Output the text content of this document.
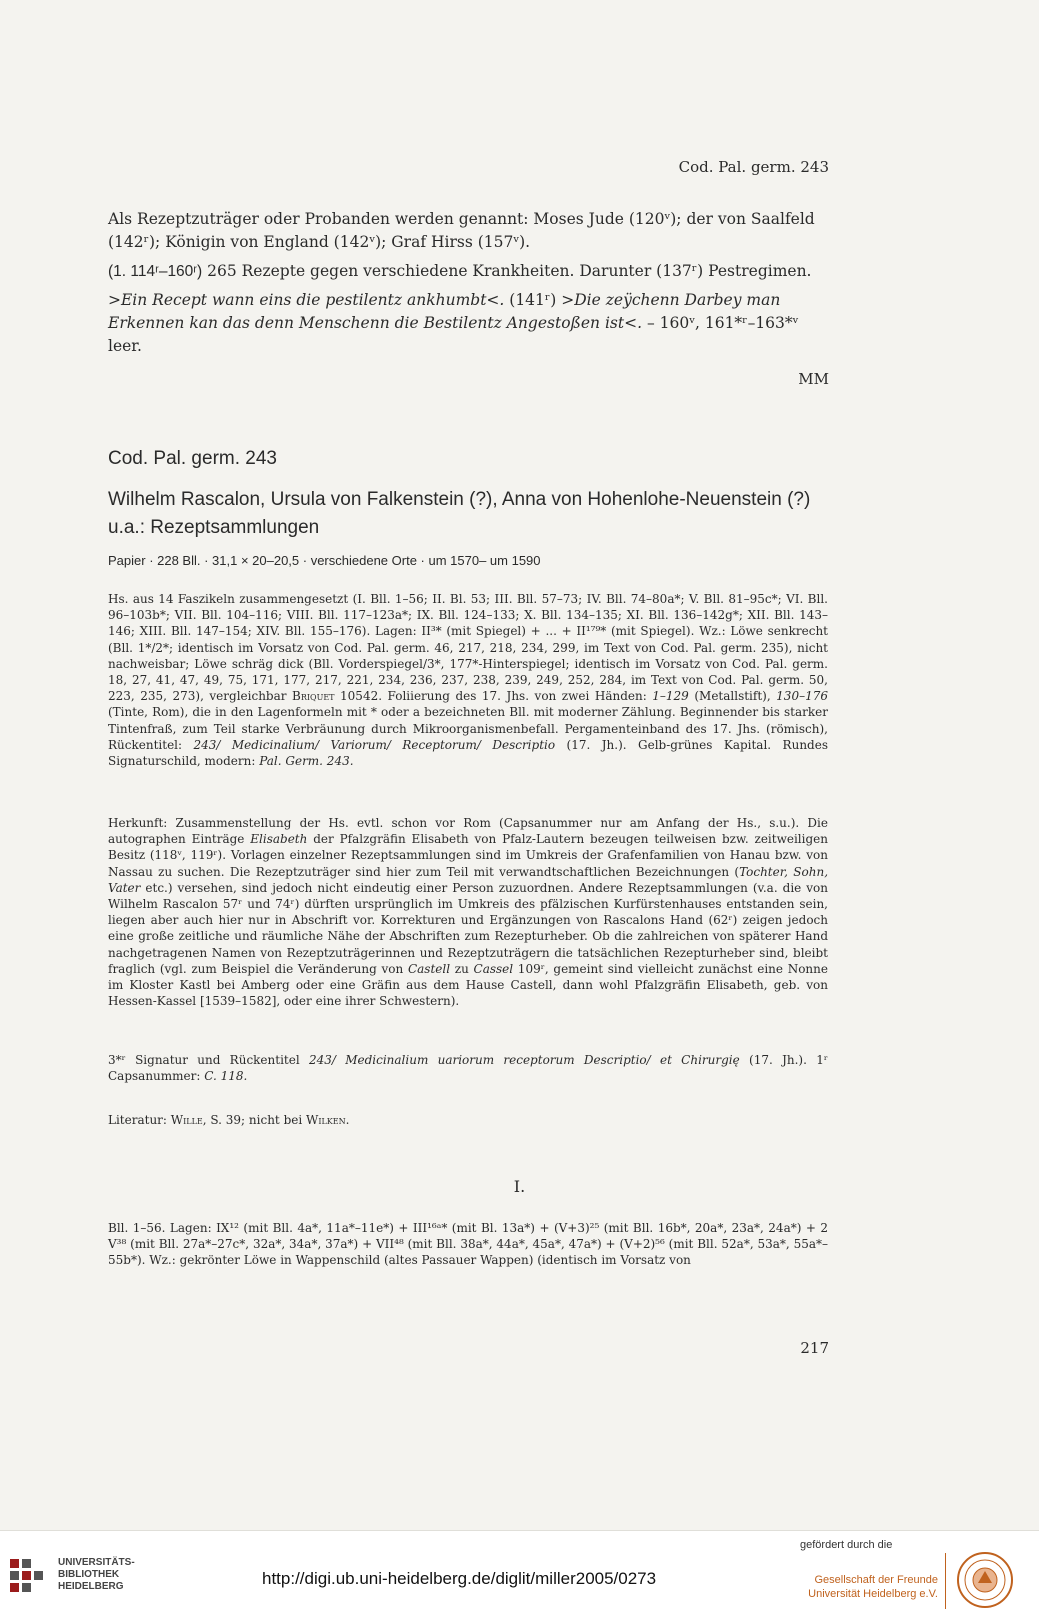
Cod. Pal. germ. 243

Als Rezeptzuträger oder Probanden werden genannt: Moses Jude (120ᵛ); der von Saalfeld (142ʳ); Königin von England (142ᵛ); Graf Hirss (157ᵛ).

(1. 114ʳ–160ʳ) 265 Rezepte gegen verschiedene Krankheiten. Darunter (137ʳ) Pestregimen.

>Ein Recept wann eins die pestilentz ankhumbt<. (141ʳ) >Die zeÿchenn Darbey man Erkennen kan das denn Menschenn die Bestilentz Angestoßen ist<. – 160ᵛ, 161*ʳ–163*ᵛ leer.

MM
Cod. Pal. germ. 243
Wilhelm Rascalon, Ursula von Falkenstein (?), Anna von Hohenlohe-Neuenstein (?) u.a.: Rezeptsammlungen
Papier · 228 Bll. · 31,1 × 20–20,5 · verschiedene Orte · um 1570– um 1590
Hs. aus 14 Faszikeln zusammengesetzt (I. Bll. 1–56; II. Bl. 53; III. Bll. 57–73; IV. Bll. 74–80a*; V. Bll. 81–95c*; VI. Bll. 96–103b*; VII. Bll. 104–116; VIII. Bll. 117–123a*; IX. Bll. 124–133; X. Bll. 134–135; XI. Bll. 136–142g*; XII. Bll. 143–146; XIII. Bll. 147–154; XIV. Bll. 155–176). Lagen: II³* (mit Spiegel) + ... + II¹⁷⁹* (mit Spiegel). Wz.: Löwe senkrecht (Bll. 1*/2*; identisch im Vorsatz von Cod. Pal. germ. 46, 217, 218, 234, 299, im Text von Cod. Pal. germ. 235), nicht nachweisbar; Löwe schräg dick (Bll. Vorderspiegel/3*, 177*-Hinterspiegel; identisch im Vorsatz von Cod. Pal. germ. 18, 27, 41, 47, 49, 75, 171, 177, 217, 221, 234, 236, 237, 238, 239, 249, 252, 284, im Text von Cod. Pal. germ. 50, 223, 235, 273), vergleichbar Briquet 10542. Foliierung des 17. Jhs. von zwei Händen: 1–129 (Metallstift), 130–176 (Tinte, Rom), die in den Lagenformeln mit * oder a bezeichneten Bll. mit moderner Zählung. Beginnender bis starker Tintenfraß, zum Teil starke Verbräunung durch Mikroorganismenbefall. Pergamenteinband des 17. Jhs. (römisch), Rückentitel: 243/ Medicinalium/ Variorum/ Receptorum/ Descriptio (17. Jh.). Gelb-grünes Kapital. Rundes Signaturschild, modern: Pal. Germ. 243.
Herkunft: Zusammenstellung der Hs. evtl. schon vor Rom (Capsanummer nur am Anfang der Hs., s.u.). Die autographen Einträge Elisabeth der Pfalzgräfin Elisabeth von Pfalz-Lautern bezeugen teilweisen bzw. zeitweiligen Besitz (118ᵛ, 119ʳ). Vorlagen einzelner Rezeptsammlungen sind im Umkreis der Grafenfamilien von Hanau bzw. von Nassau zu suchen. Die Rezeptzuträger sind hier zum Teil mit verwandtschaftlichen Bezeichnungen (Tochter, Sohn, Vater etc.) versehen, sind jedoch nicht eindeutig einer Person zuzuordnen. Andere Rezeptsammlungen (v.a. die von Wilhelm Rascalon 57ʳ und 74ʳ) dürften ursprünglich im Umkreis des pfälzischen Kurfürstenhauses entstanden sein, liegen aber auch hier nur in Abschrift vor. Korrekturen und Ergänzungen von Rascalons Hand (62ʳ) zeigen jedoch eine große zeitliche und räumliche Nähe der Abschriften zum Rezepturheber. Ob die zahlreichen von späterer Hand nachgetragenen Namen von Rezeptzuträgerinnen und Rezeptzuträgern die tatsächlichen Rezepturheber sind, bleibt fraglich (vgl. zum Beispiel die Veränderung von Castell zu Cassel 109ʳ, gemeint sind vielleicht zunächst eine Nonne im Kloster Kastl bei Amberg oder eine Gräfin aus dem Hause Castell, dann wohl Pfalzgräfin Elisabeth, geb. von Hessen-Kassel [1539–1582], oder eine ihrer Schwestern).
3*ʳ Signatur und Rückentitel 243/ Medicinalium uariorum receptorum Descriptio/ et Chirurgię (17. Jh.). 1ʳ Capsanummer: C. 118.
Literatur: Wille, S. 39; nicht bei Wilken.
I.
Bll. 1–56. Lagen: IX¹² (mit Bll. 4a*, 11a*–11e*) + III¹⁶ᵃ* (mit Bl. 13a*) + (V+3)²⁵ (mit Bll. 16b*, 20a*, 23a*, 24a*) + 2 V³⁸ (mit Bll. 27a*–27c*, 32a*, 34a*, 37a*) + VII⁴⁸ (mit Bll. 38a*, 44a*, 45a*, 47a*) + (V+2)⁵⁶ (mit Bll. 52a*, 53a*, 55a*–55b*). Wz.: gekrönter Löwe in Wappenschild (altes Passauer Wappen) (identisch im Vorsatz von
217
UNIVERSITÄTS-
BIBLIOTHEK
HEIDELBERG	http://digi.ub.uni-heidelberg.de/diglit/miller2005/0273
gefördert durch die
Gesellschaft der Freunde
Universität Heidelberg e.V.
